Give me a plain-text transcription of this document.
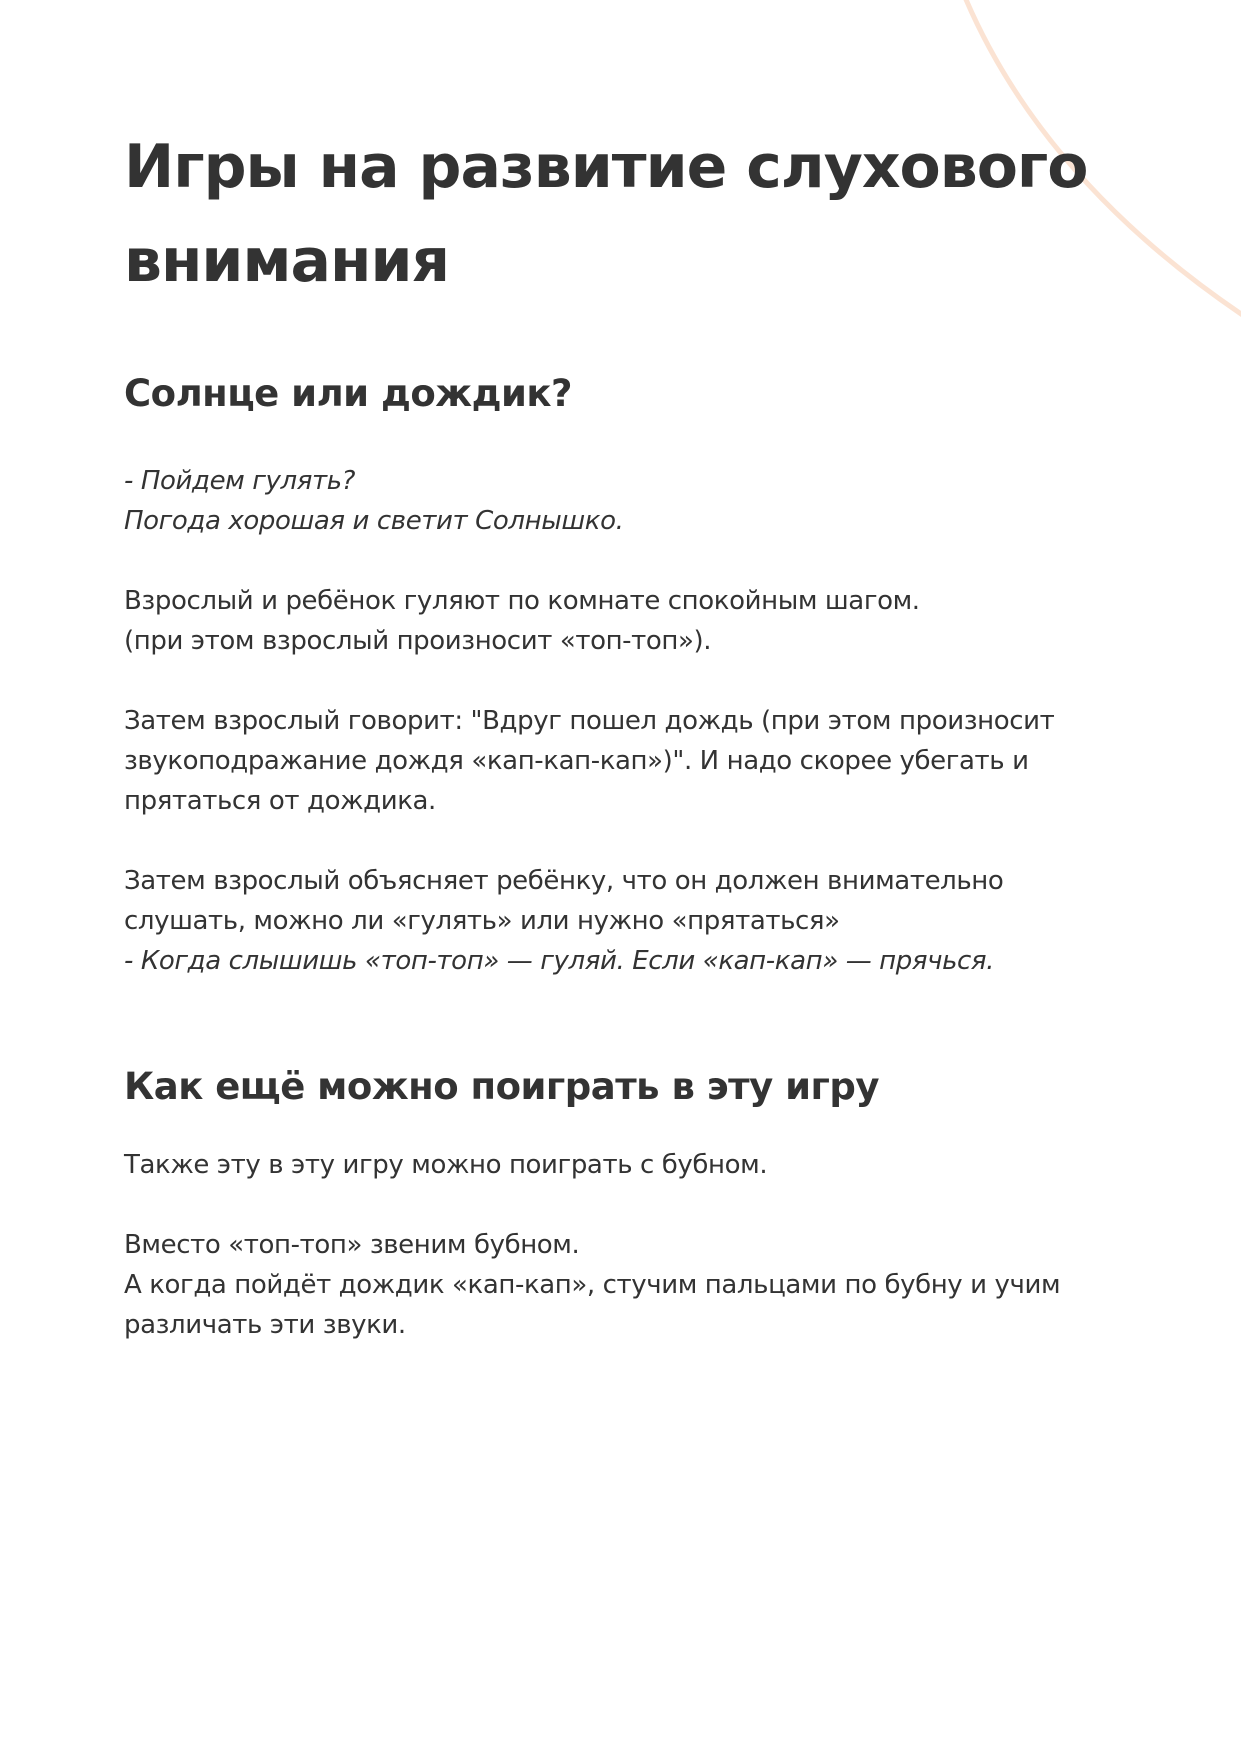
Игры на развитие слухового
внимания
Солнце или дождик?

- Пойдем гулять?
Погода хорошая и светит Солнышко.

Взрослый и ребёнок гуляют по комнате спокойным шагом.
(при этом взрослый произносит «топ-топ»).

Затем взрослый говорит: "Вдруг пошел дождь (при этом произносит
звукоподражание дождя «кап-кап-кап»)". И надо скорее убегать и
прятаться от дождика.

Затем взрослый объясняет ребёнку, что он должен внимательно
слушать, можно ли «гулять» или нужно «прятаться»
- Когда слышишь «топ-топ» — гуляй. Если «кап-кап» — прячься.

Как ещё можно поиграть в эту игру

Также эту в эту игру можно поиграть с бубном.

Вместо «топ-топ» звеним бубном.
А когда пойдёт дождик «кап-кап», стучим пальцами по бубну и учим
различать эти звуки.
